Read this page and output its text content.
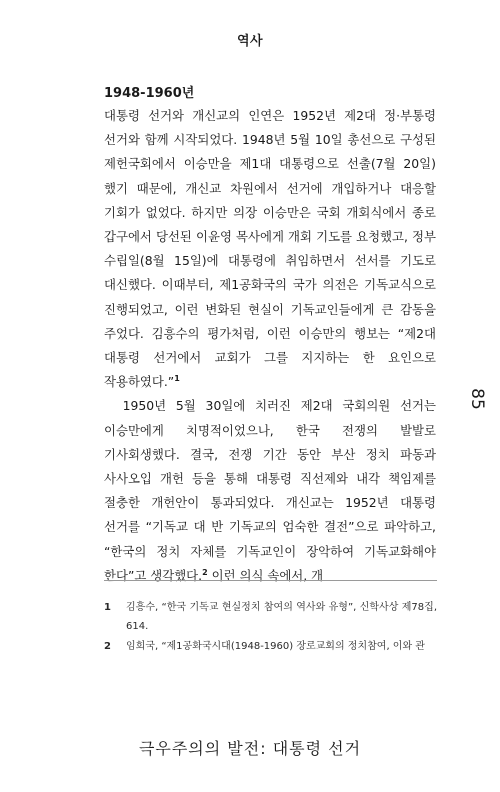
역사
1948-1960년

대통령 선거와 개신교의 인연은 1952년 제2대 정·부통령 선거와 함께 시작되었다. 1948년 5월 10일 총선으로 구성된 제헌국회에서 이승만을 제1대 대통령으로 선출(7월 20일)했기 때문에, 개신교 차원에서 선거에 개입하거나 대응할 기회가 없었다. 하지만 의장 이승만은 국회 개회식에서 종로 갑구에서 당선된 이윤영 목사에게 개회 기도를 요청했고, 정부 수립일(8월 15일)에 대통령에 취임하면서 선서를 기도로 대신했다. 이때부터, 제1공화국의 국가 의전은 기독교식으로 진행되었고, 이런 변화된 현실이 기독교인들에게 큰 감동을 주었다. 김흥수의 평가처럼, 이런 이승만의 행보는 “제2대 대통령 선거에서 교회가 그를 지지하는 한 요인으로 작용하였다.”$^1$

1950년 5월 30일에 치러진 제2대 국회의원 선거는 이승만에게 치명적이었으나, 한국 전쟁의 발발로 기사회생했다. 결국, 전쟁 기간 동안 부산 정치 파동과 사사오입 개헌 등을 통해 대통령 직선제와 내각 책임제를 절충한 개헌안이 통과되었다. 개신교는 1952년 대통령 선거를 “기독교 대 반 기독교의 엄숙한 결전”으로 파악하고, “한국의 정치 자체를 기독교인이 장악하여 기독교화해야 한다”고 생각했다.$^2$ 이런 의식 속에서, 개

85
1	김흥수, “한국 기독교 현실정치 참여의 역사와 유형”, 신학사상 제78집, 614.
2	임희국, “제1공화국시대(1948-1960) 장로교회의 정치참여, 이와 관
극우주의의 발전: 대통령 선거
